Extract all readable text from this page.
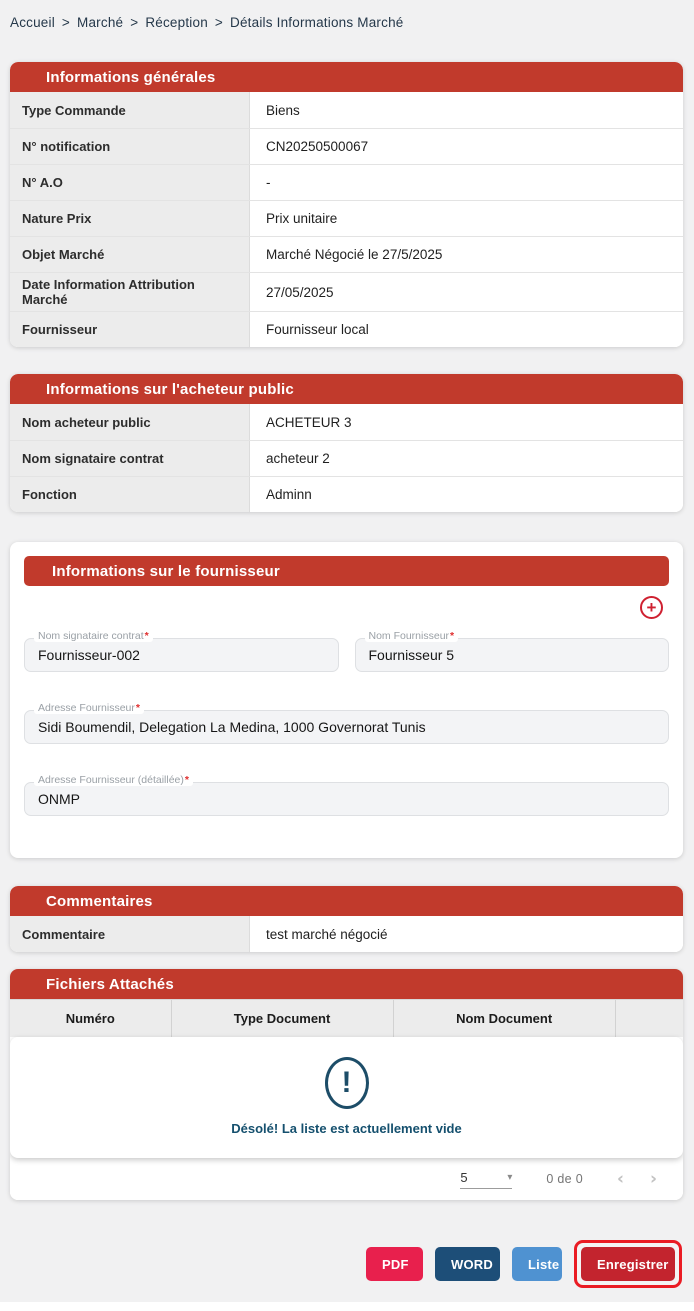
Accueil > Marché > Réception > Détails Informations Marché
Informations générales
Type Commande	Biens
N° notification	CN20250500067
N° A.O	-
Nature Prix	Prix unitaire
Objet Marché	Marché Négocié le 27/5/2025
Date Information Attribution Marché	27/05/2025
Fournisseur	Fournisseur local
Informations sur l'acheteur public
Nom acheteur public	ACHETEUR 3
Nom signataire contrat	acheteur 2
Fonction	Adminn
Informations sur le fournisseur
+
Nom signataire contrat*
Fournisseur-002
Nom Fournisseur*
Fournisseur 5
Adresse Fournisseur*
Sidi Boumendil, Delegation La Medina, 1000 Governorat Tunis
Adresse Fournisseur (détaillée)*
ONMP
Commentaires
Commentaire	test marché négocié
Fichiers Attachés
Numéro	Type Document	Nom Document
!
Désolé! La liste est actuellement vide
5	▾	0 de 0 ‹ ›
PDF	WORD	Liste	Enregistrer
